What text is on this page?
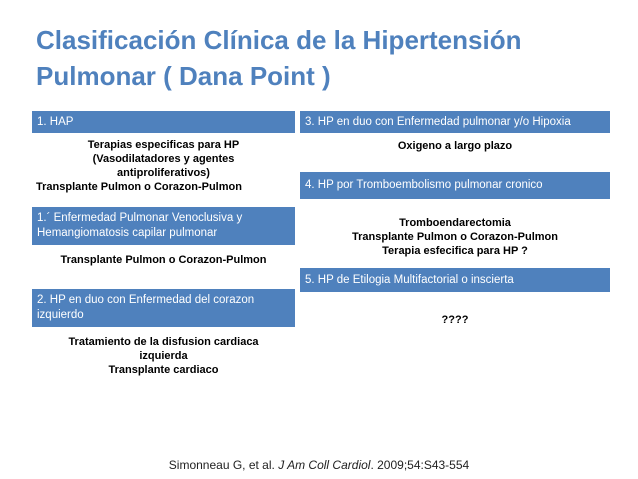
Clasificación Clínica de la Hipertensión
Pulmonar ( Dana Point )
1. HAP
Terapias especificas para HP
(Vasodilatadores y agentes
antiproliferativos)
Transplante Pulmon o Corazon-Pulmon
1.´ Enfermedad Pulmonar Venoclusiva y
Hemangiomatosis capilar pulmonar
Transplante Pulmon o Corazon-Pulmon
2. HP en duo con Enfermedad del corazon
izquierdo
Tratamiento de la disfusion cardiaca
izquierda
Transplante cardiaco
3. HP en duo con Enfermedad pulmonar y/o Hipoxia
Oxigeno a largo plazo
4. HP por Tromboembolismo pulmonar cronico
Tromboendarectomia
Transplante Pulmon o Corazon-Pulmon
Terapia esfecifica para HP ?
5. HP de Etilogia Multifactorial o inscierta
????
Simonneau G, et al. J Am Coll Cardiol. 2009;54:S43-554
